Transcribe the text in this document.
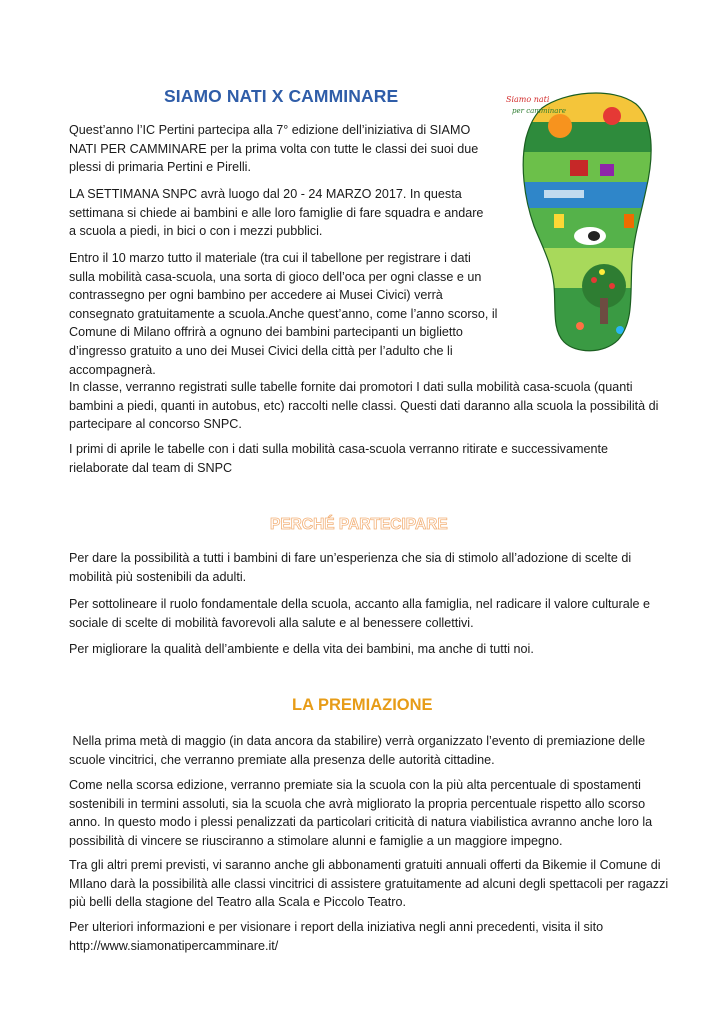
SIAMO NATI X CAMMINARE	Siamo nati
per camminare
Quest’anno l’IC Pertini partecipa alla 7° edizione dell’iniziativa di SIAMO
NATI PER CAMMINARE per la prima volta con tutte le classi dei suoi due
plessi di primaria Pertini e Pirelli.
LA SETTIMANA SNPC avrà luogo dal 20 - 24 MARZO 2017. In questa
settimana si chiede ai bambini e alle loro famiglie di fare squadra e andare
a scuola a piedi, in bici o con i mezzi pubblici.
Entro il 10 marzo tutto il materiale (tra cui il tabellone per registrare i dati
sulla mobilità casa-scuola, una sorta di gioco dell’oca per ogni classe e un
contrassegno per ogni bambino per accedere ai Musei Civici) verrà
consegnato gratuitamente a scuola.Anche quest’anno, come l’anno scorso, il
Comune di Milano offrirà a ognuno dei bambini partecipanti un biglietto
d’ingresso gratuito a uno dei Musei Civici della città per l’adulto che li
accompagnerà.
In classe, verranno registrati sulle tabelle fornite dai promotori I dati sulla mobilità casa-scuola (quanti
bambini a piedi, quanti in autobus, etc) raccolti nelle classi. Questi dati daranno alla scuola la possibilità di
partecipare al concorso SNPC.
I primi di aprile le tabelle con i dati sulla mobilità casa-scuola verranno ritirate e successivamente
rielaborate dal team di SNPC
PERCHÉ PARTECIPARE
Per dare la possibilità a tutti i bambini di fare un’esperienza che sia di stimolo all’adozione di scelte di
mobilità più sostenibili da adulti.
Per sottolineare il ruolo fondamentale della scuola, accanto alla famiglia, nel radicare il valore culturale e
sociale di scelte di mobilità favorevoli alla salute e al benessere collettivi.
Per migliorare la qualità dell’ambiente e della vita dei bambini, ma anche di tutti noi.
LA PREMIAZIONE
Nella prima metà di maggio (in data ancora da stabilire) verrà organizzato l’evento di premiazione delle
scuole vincitrici, che verranno premiate alla presenza delle autorità cittadine.
Come nella scorsa edizione, verranno premiate sia la scuola con la più alta percentuale di spostamenti
sostenibili in termini assoluti, sia la scuola che avrà migliorato la propria percentuale rispetto allo scorso
anno. In questo modo i plessi penalizzati da particolari criticità di natura viabilistica avranno anche loro la
possibilità di vincere se riusciranno a stimolare alunni e famiglie a un maggiore impegno.
Tra gli altri premi previsti, vi saranno anche gli abbonamenti gratuiti annuali offerti da Bikemie il Comune di
MIlano darà la possibilità alle classi vincitrici di assistere gratuitamente ad alcuni degli spettacoli per ragazzi
più belli della stagione del Teatro alla Scala e Piccolo Teatro.
Per ulteriori informazioni e per visionare i report della iniziativa negli anni precedenti, visita il sito
http://www.siamonatipercamminare.it/
